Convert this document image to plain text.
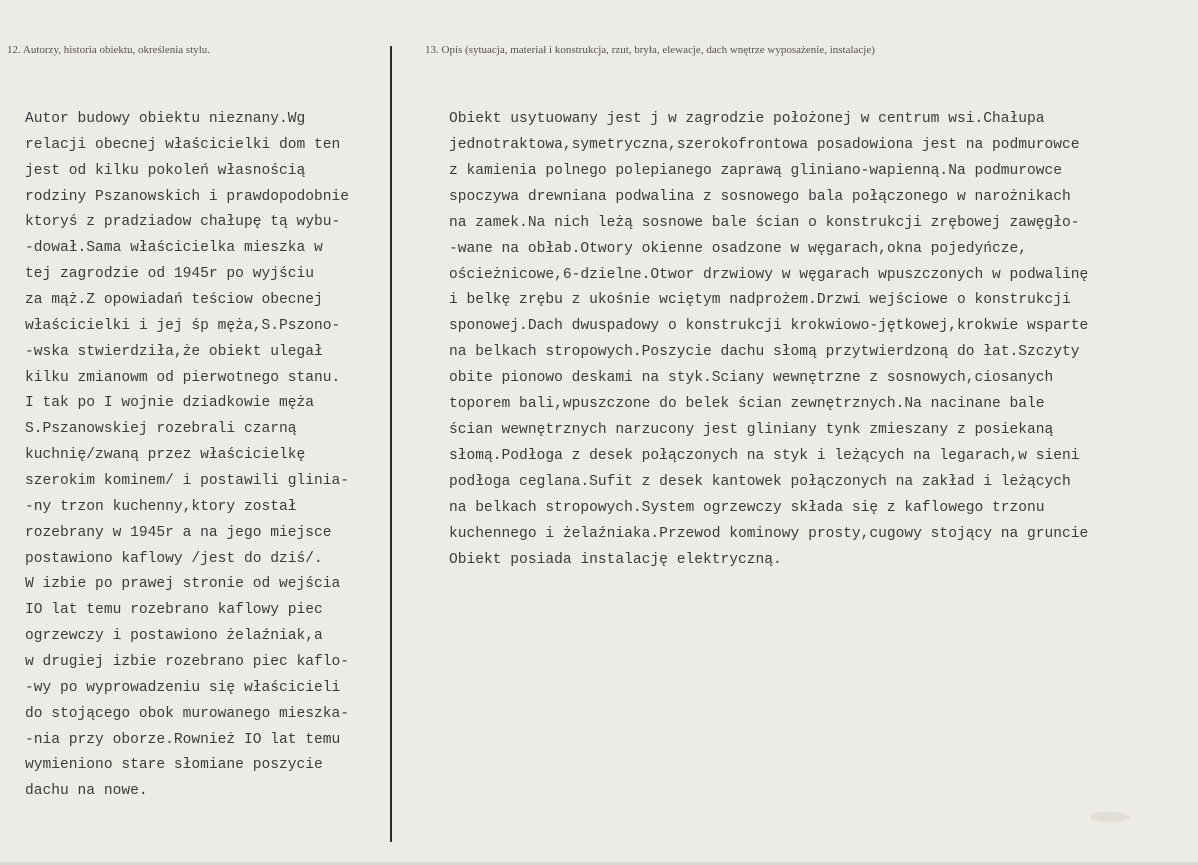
12. Autorzy, historia obiektu, określenia stylu.	13. Opis (sytuacja, materiał i konstrukcja, rzut, bryła, elewacje, dach wnętrze wyposażenie, instalacje)
Autor budowy obiektu nieznany.Wg
relacji obecnej właścicielki dom ten
jest od kilku pokoleń własnością
rodziny Pszanowskich i prawdopodobnie
ktoryś z pradziadow chałupę tą wybu-
-dował.Sama właścicielka mieszka w
tej zagrodzie od 1945r po wyjściu
za mąż.Z opowiadań teściow obecnej
właścicielki i jej śp męża,S.Pszono-
-wska stwierdziła,że obiekt ulegał
kilku zmianowm od pierwotnego stanu.
I tak po I wojnie dziadkowie męża
S.Pszanowskiej rozebrali czarną
kuchnię/zwaną przez właścicielkę
szerokim kominem/ i postawili glinia-
-ny trzon kuchenny,ktory został
rozebrany w 1945r a na jego miejsce
postawiono kaflowy /jest do dziś/.
W izbie po prawej stronie od wejścia
IO lat temu rozebrano kaflowy piec
ogrzewczy i postawiono żelaźniak,a
w drugiej izbie rozebrano piec kaflo-
-wy po wyprowadzeniu się właścicieli
do stojącego obok murowanego mieszka-
-nia przy oborze.Rownież IO lat temu
wymieniono stare słomiane poszycie
dachu na nowe.
Obiekt usytuowany jest j w zagrodzie położonej w centrum wsi.Chałupa
jednotraktowa,symetryczna,szerokofrontowa posadowiona jest na podmurowce
z kamienia polnego polepianego zaprawą gliniano-wapienną.Na podmurowce
spoczywa drewniana podwalina z sosnowego bala połączonego w narożnikach
na zamek.Na nich leżą sosnowe bale ścian o konstrukcji zrębowej zawęgło-
-wane na obłab.Otwory okienne osadzone w węgarach,okna pojedyńcze,
ościeżnicowe,6-dzielne.Otwor drzwiowy w węgarach wpuszczonych w podwalinę
i belkę zrębu z ukośnie wciętym nadprożem.Drzwi wejściowe o konstrukcji
sponowej.Dach dwuspadowy o konstrukcji krokwiowo-jętkowej,krokwie wsparte
na belkach stropowych.Poszycie dachu słomą przytwierdzoną do łat.Szczyty
obite pionowo deskami na styk.Sciany wewnętrzne z sosnowych,ciosanych
toporem bali,wpuszczone do belek ścian zewnętrznych.Na nacinane bale
ścian wewnętrznych narzucony jest gliniany tynk zmieszany z posiekaną
słomą.Podłoga z desek połączonych na styk i leżących na legarach,w sieni
podłoga ceglana.Sufit z desek kantowek połączonych na zakład i leżących
na belkach stropowych.System ogrzewczy składa się z kaflowego trzonu
kuchennego i żelaźniaka.Przewod kominowy prosty,cugowy stojący na gruncie
Obiekt posiada instalację elektryczną.
